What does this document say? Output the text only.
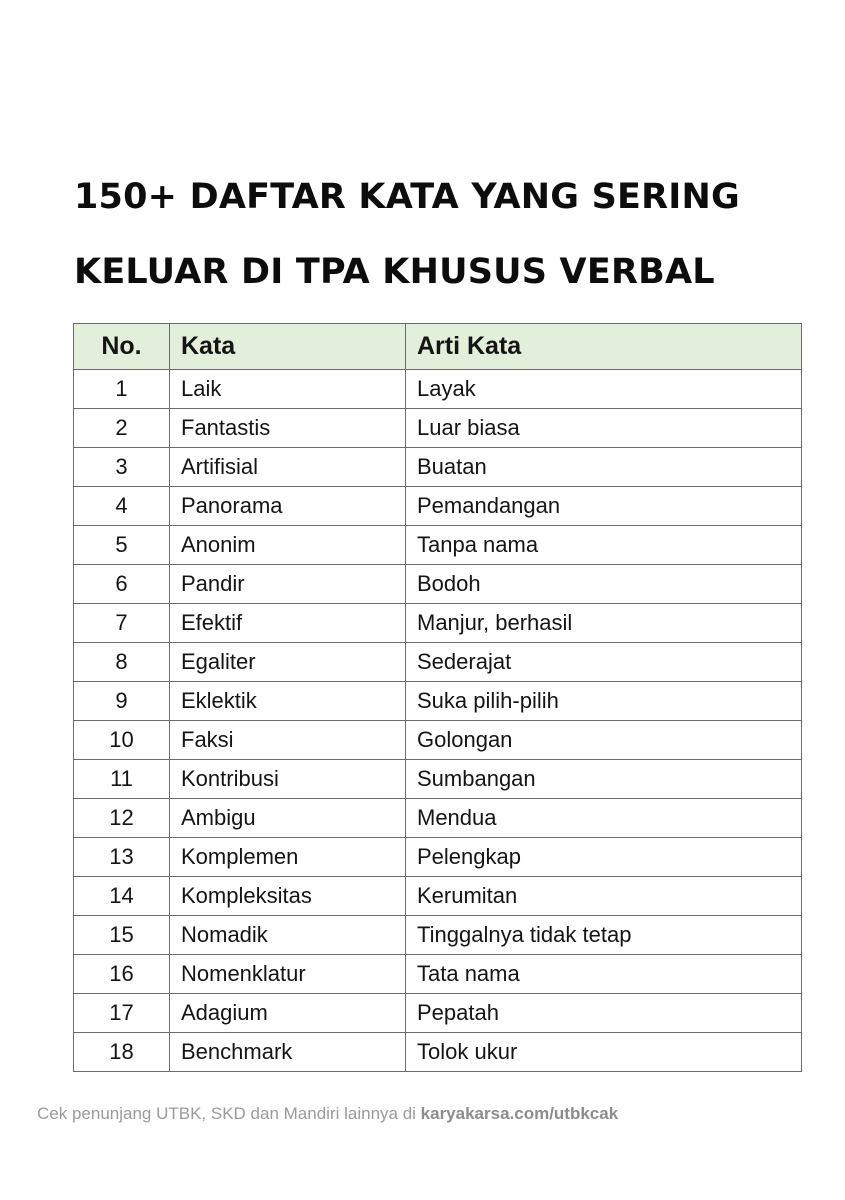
150+ DAFTAR KATA YANG SERING
KELUAR DI TPA KHUSUS VERBAL
No.	Kata	Arti Kata
1	Laik	Layak
2	Fantastis	Luar biasa
3	Artifisial	Buatan
4	Panorama	Pemandangan
5	Anonim	Tanpa nama
6	Pandir	Bodoh
7	Efektif	Manjur, berhasil
8	Egaliter	Sederajat
9	Eklektik	Suka pilih-pilih
10	Faksi	Golongan
11	Kontribusi	Sumbangan
12	Ambigu	Mendua
13	Komplemen	Pelengkap
14	Kompleksitas	Kerumitan
15	Nomadik	Tinggalnya tidak tetap
16	Nomenklatur	Tata nama
17	Adagium	Pepatah
18	Benchmark	Tolok ukur
Cek penunjang UTBK, SKD dan Mandiri lainnya di karyakarsa.com/utbkcak
